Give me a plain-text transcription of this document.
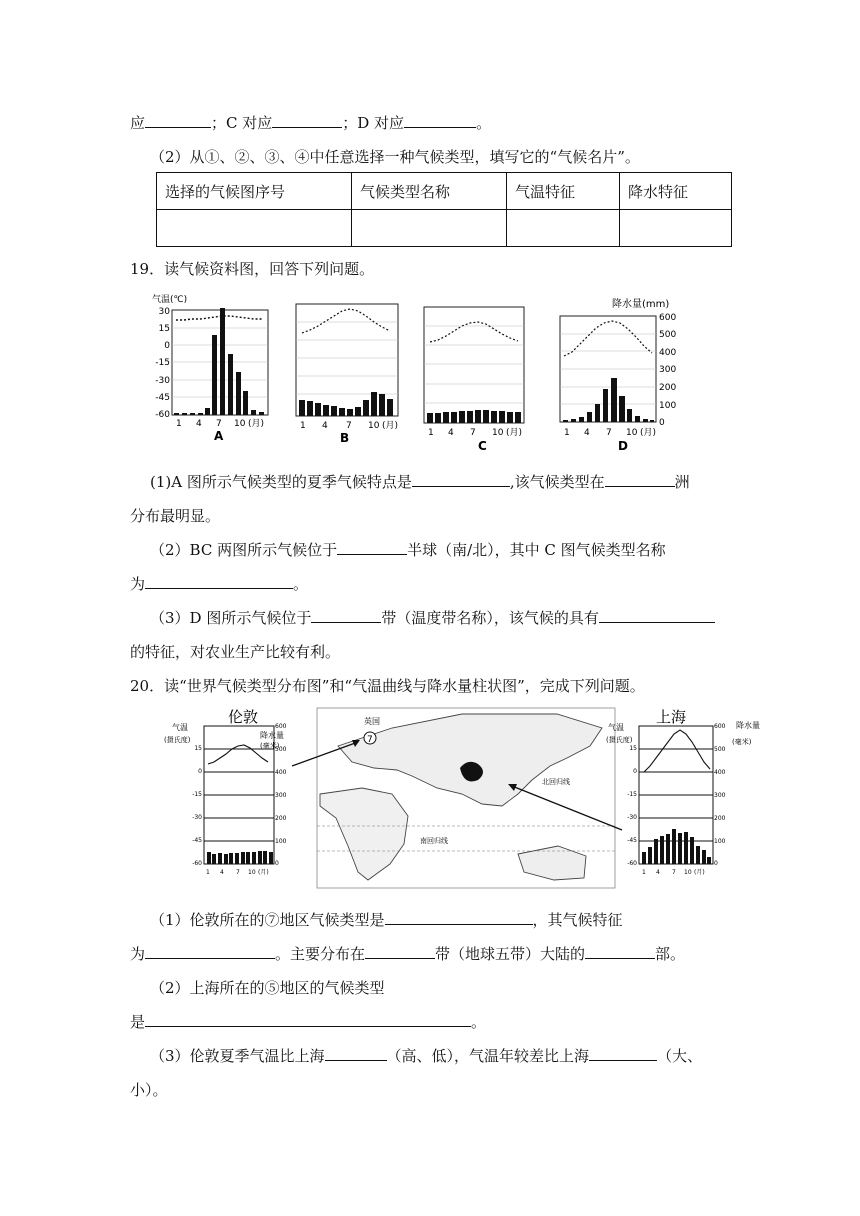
应	；C 对应	；D 对应	。
（2）从①、②、③、④中任意选择一种气候类型，填写它的“气候名片”。
选择的气候图序号	气候类型名称	气温特征	降水特征

19．读气候资料图，回答下列问题。
气温(℃)
30
15
0
-15
-30
-45
-60
1 4 7 10 (月)
A
1 4 7 10 (月)
B	1 4 7 10 (月)
C
降水量(mm)
600
500
400
300
200
100
0
1 4 7 10 (月)
D
(1)A 图所示气候类型的夏季气候特点是	,该气候类型在	洲
分布最明显。
（2）BC 两图所示气候位于	半球（南/北），其中 C 图气候类型名称
为	。
（3）D 图所示气候位于	带（温度带名称），该气候的具有
的特征，对农业生产比较有利。
20．读“世界气候类型分布图”和“气温曲线与降水量柱状图”，完成下列问题。
伦敦
气温
(摄氏度)	降水量
(毫米)
15
0
-15
-30
-45
-60
600
500
400
300
200
100
0
1 4 7 10 (月)
7
英国
北回归线
南回归线
上海
气温
(摄氏度)
降水量
(毫米)
15
0
-15
-30
-45
-60
600
500
400
300
200
100
0
1 4 7 10 (月)
（1）伦敦所在的⑦地区气候类型是	，其气候特征
为	。主要分布在	带（地球五带）大陆的	部。
（2）上海所在的⑤地区的气候类型
是	。
（3）伦敦夏季气温比上海	（高、低），气温年较差比上海	（大、
小）。
